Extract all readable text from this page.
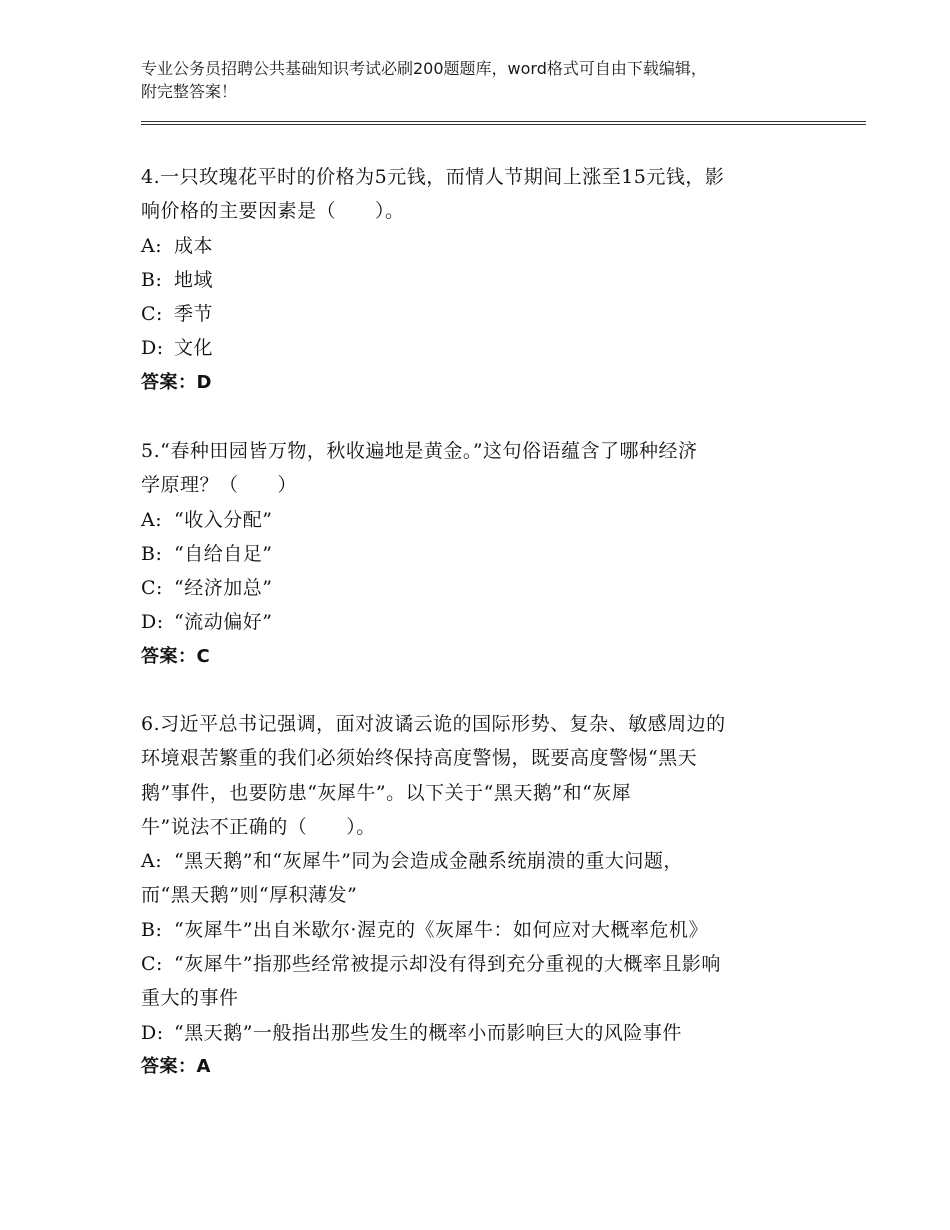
专业公务员招聘公共基础知识考试必刷200题题库，word格式可自由下载编辑，
附完整答案！
4.一只玫瑰花平时的价格为5元钱，而情人节期间上涨至15元钱，影
响价格的主要因素是（　　）。
A: 成本
B: 地域
C: 季节
D: 文化
答案：D
5.“春种田园皆万物，秋收遍地是黄金。”这句俗语蕴含了哪种经济
学原理？（　　）
A: “收入分配”
B: “自给自足”
C: “经济加总”
D: “流动偏好”
答案：C
6.习近平总书记强调，面对波谲云诡的国际形势、复杂、敏感周边的
环境艰苦繁重的我们必须始终保持高度警惕，既要高度警惕“黑天
鹅”事件，也要防患“灰犀牛”。以下关于“黑天鹅”和“灰犀
牛”说法不正确的（　　）。
A: “黑天鹅”和“灰犀牛”同为会造成金融系统崩溃的重大问题，
而“黑天鹅”则“厚积薄发”
B: “灰犀牛”出自米歇尔·渥克的《灰犀牛：如何应对大概率危机》
C: “灰犀牛”指那些经常被提示却没有得到充分重视的大概率且影响
重大的事件
D: “黑天鹅”一般指出那些发生的概率小而影响巨大的风险事件
答案：A
